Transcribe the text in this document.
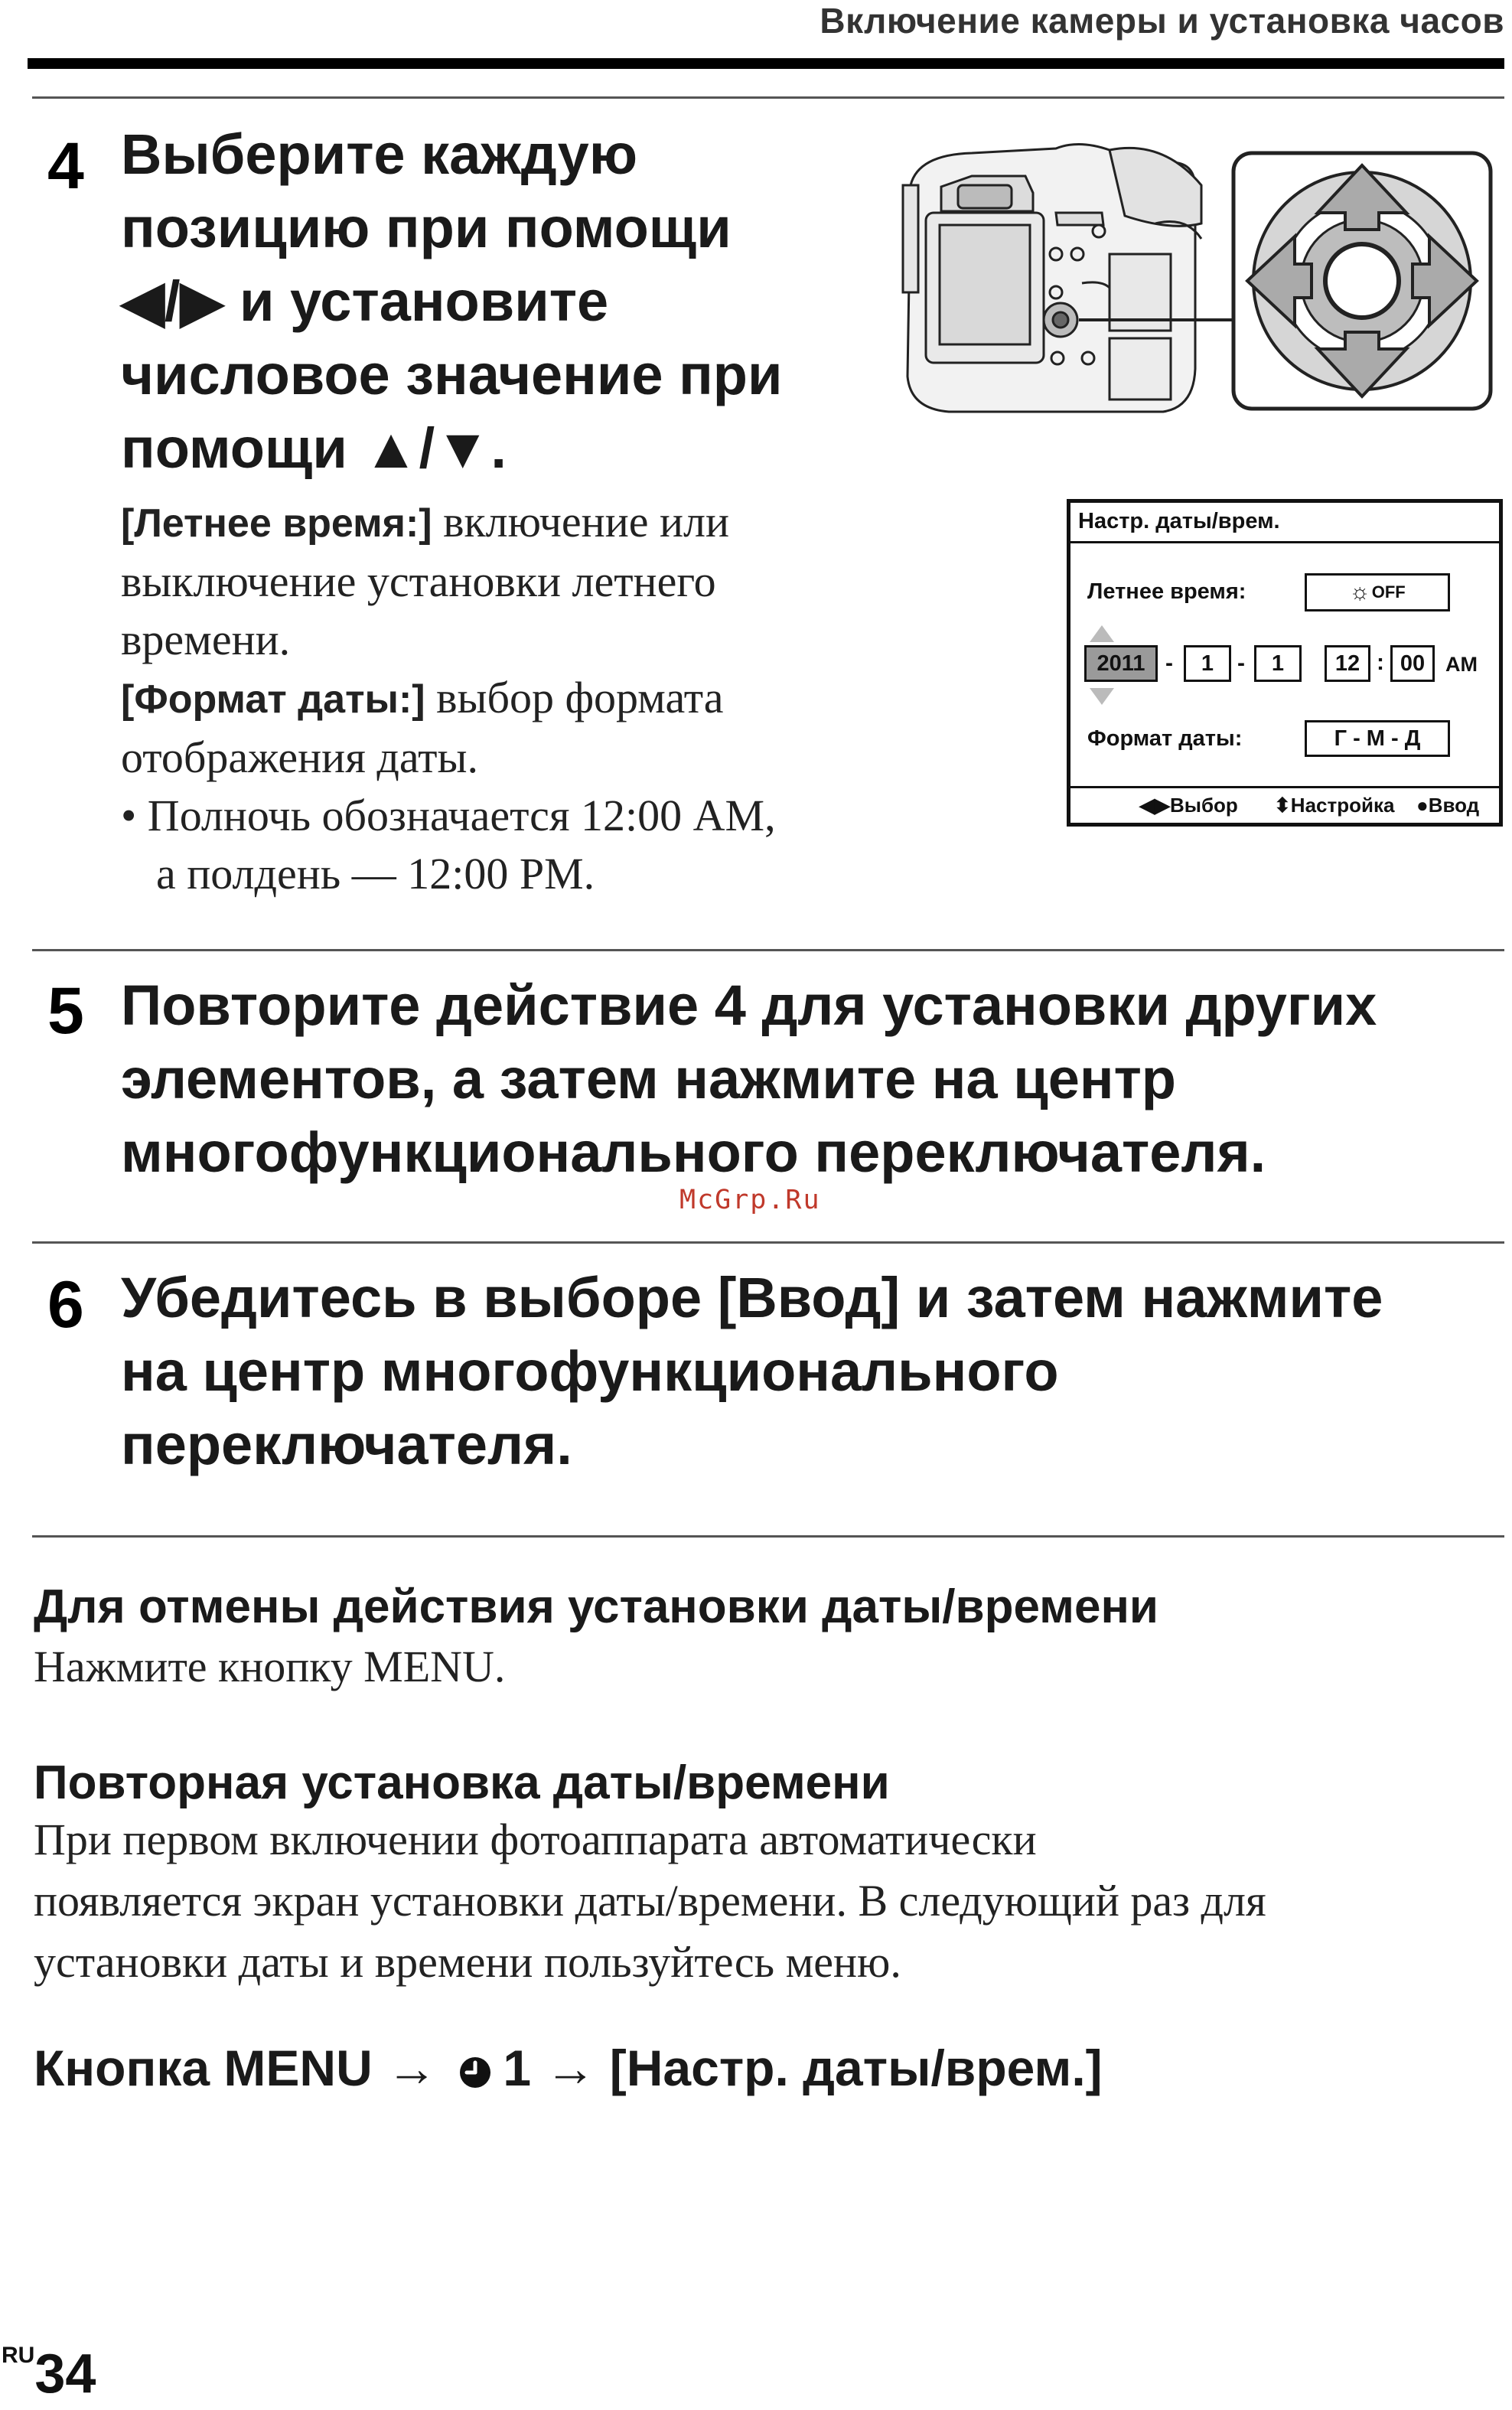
Включение камеры и установка часов
4 Выберите каждую
позицию при помощи
◀/▶ и установите
числовое значение при
помощи ▲/▼.
[Летнее время:] включение или
выключение установки летнего
времени.
[Формат даты:] выбор формата
отображения даты.
• Полночь обозначается 12:00 AM,
а полдень — 12:00 PM.
Настр. даты/врем.
Летнее время:	☼ OFF
2011 -	1	-	1	12 : 00 AM
Формат даты:	Г - М - Д
◀▶Выбор ⬍Настройка ●Ввод
5 Повторите действие 4 для установки других
элементов, а затем нажмите на центр
многофункционального переключателя.
McGrp.Ru
6 Убедитесь в выборе [Ввод] и затем нажмите
на центр многофункционального
переключателя.
Для отмены действия установки даты/времени
Нажмите кнопку MENU.
Повторная установка даты/времени
При первом включении фотоаппарата автоматически
появляется экран установки даты/времени. В следующий раз для
установки даты и времени пользуйтесь меню.
Кнопка MENU → 1 → [Настр. даты/врем.]
RU34
